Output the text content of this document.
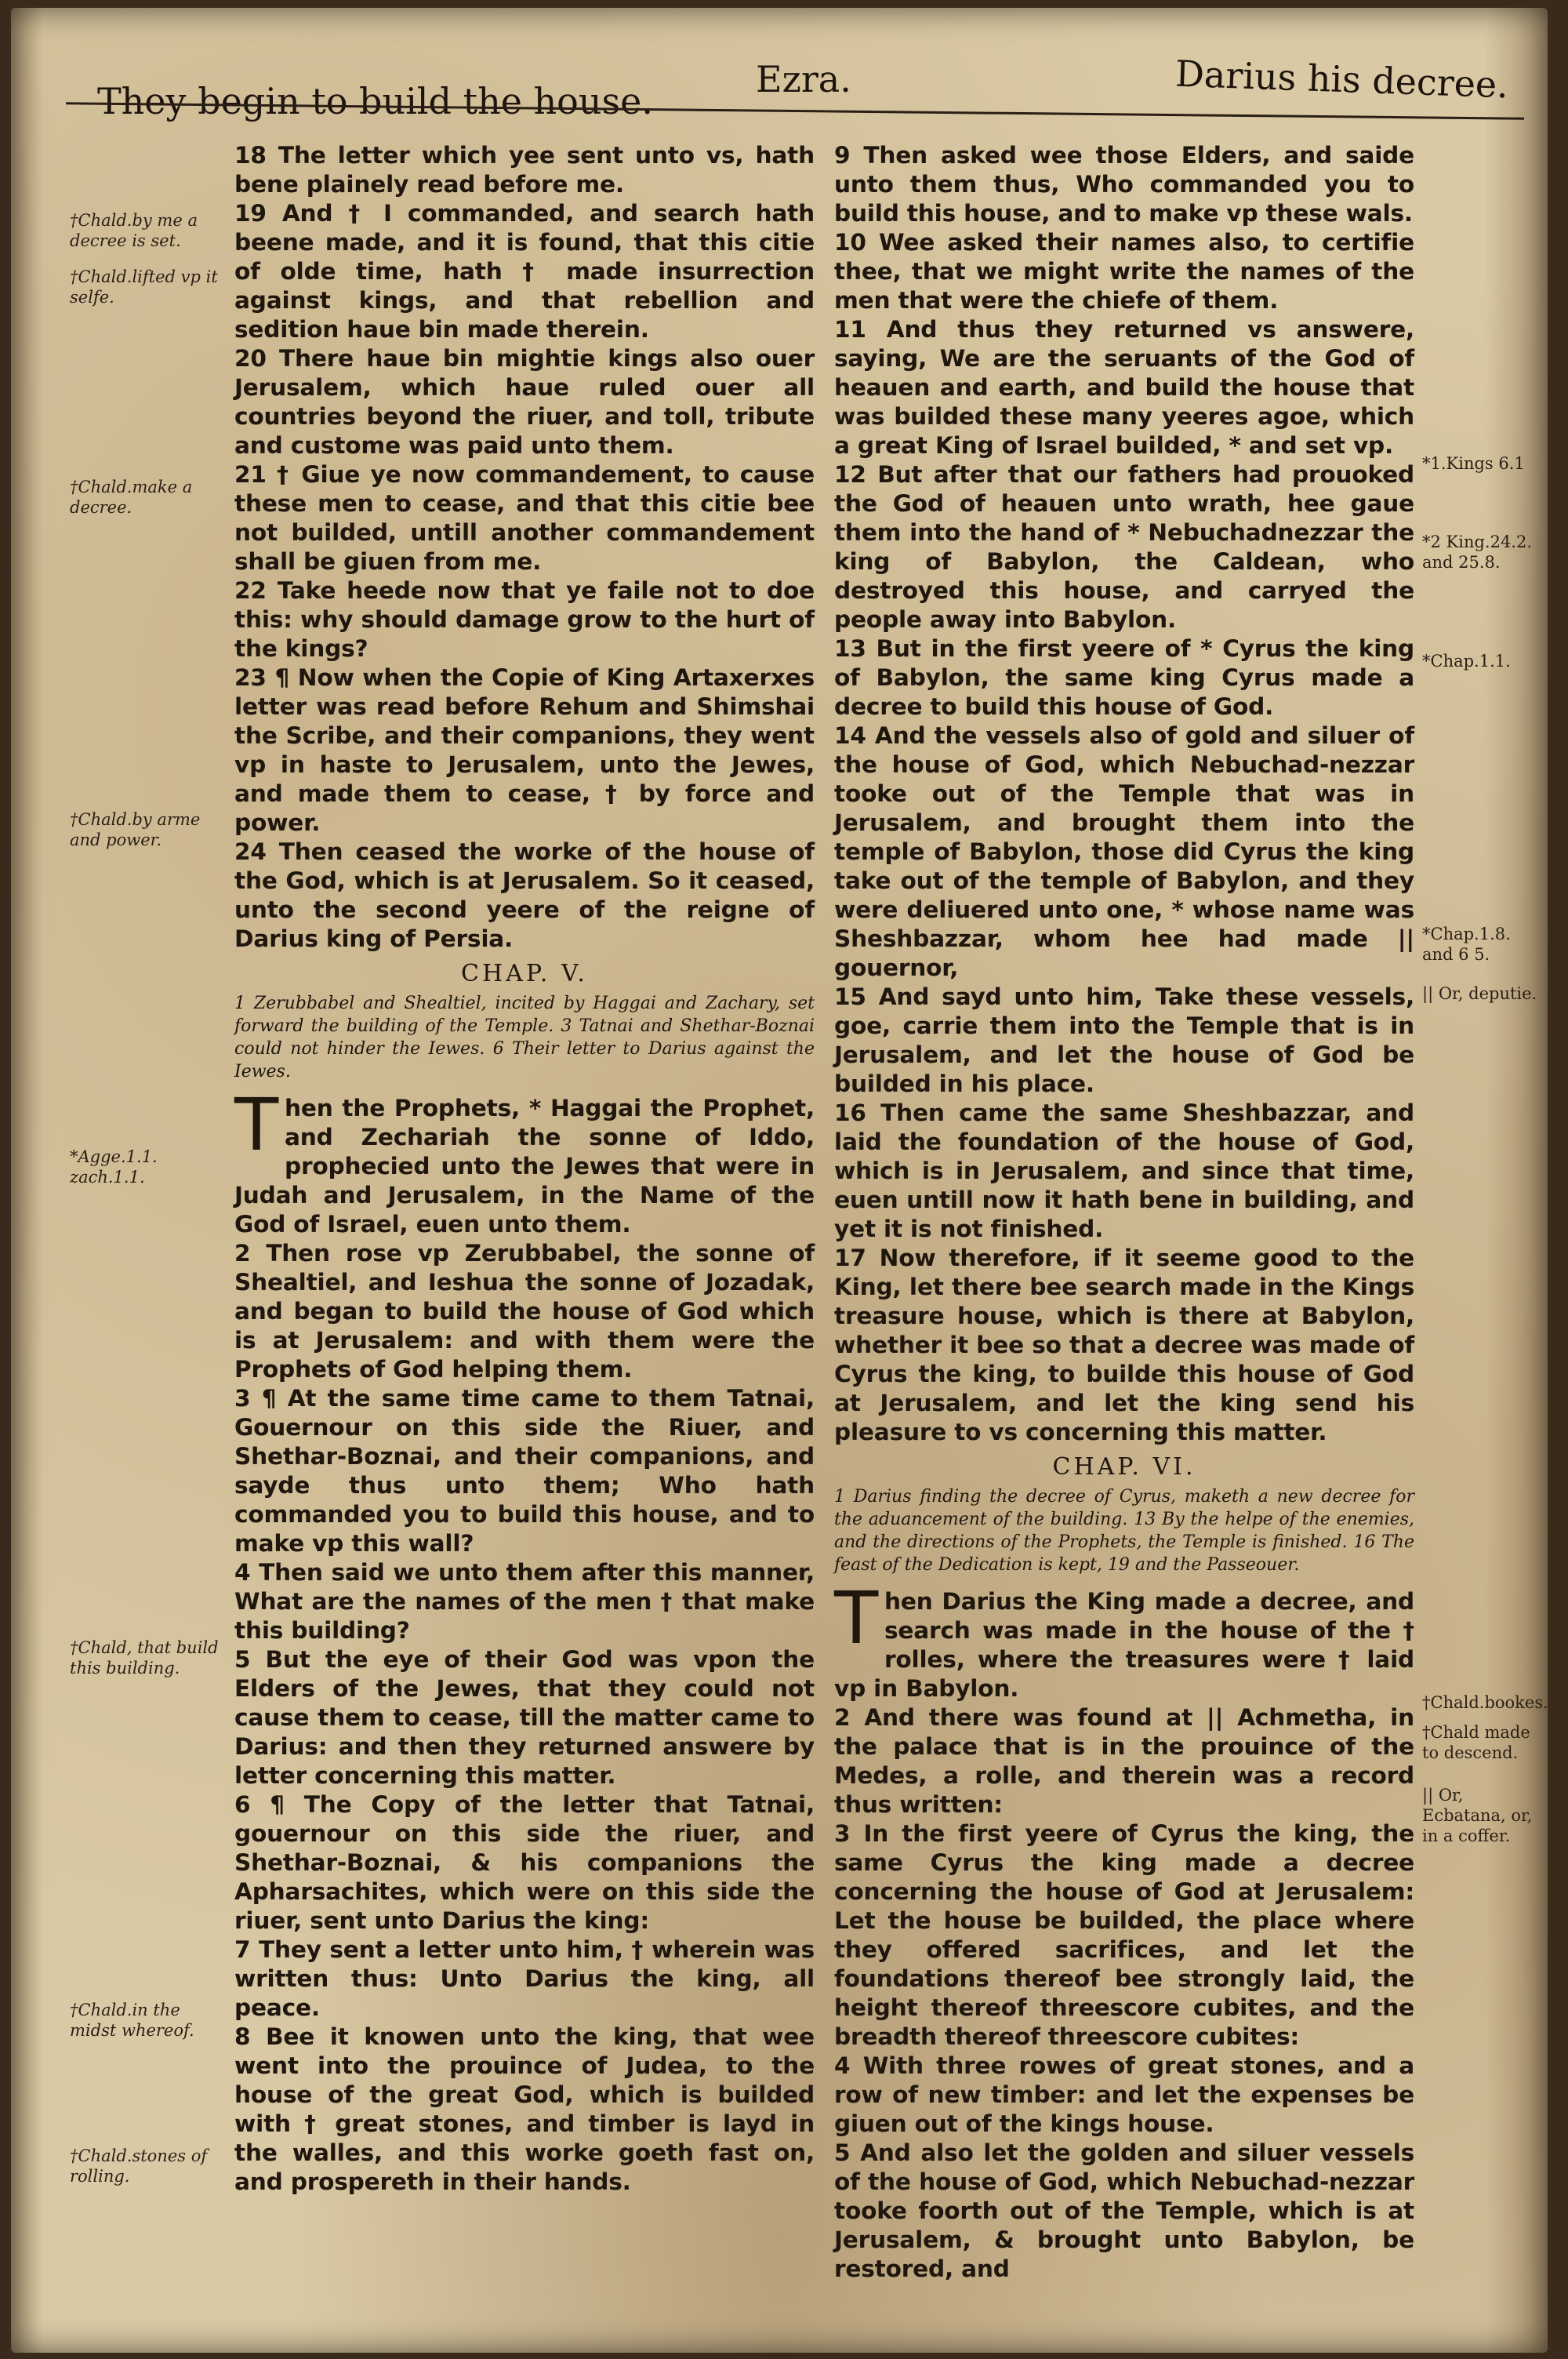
They begin to build the house.
Ezra.	Darius his decree.
†Chald.by me a decree is set.
†Chald.lifted vp it selfe.
†Chald.make a decree.
†Chald.by arme and power.
*Agge.1.1. zach.1.1.
†Chald, that build this building.
†Chald.in the midst whereof.
†Chald.stones of rolling.
*1.Kings 6.1
*2 King.24.2. and 25.8.
*Chap.1.1.
*Chap.1.8. and 6 5.
|| Or, deputie.
†Chald.bookes.
†Chald made to descend.
|| Or, Ecbatana, or, in a coffer.

18 The letter which yee sent unto vs, hath bene plainely read before me.

19 And † I commanded, and search hath beene made, and it is found, that this citie of olde time, hath † made insurrection against kings, and that rebellion and sedition haue bin made therein.

20 There haue bin mightie kings also ouer Jerusalem, which haue ruled ouer all countries beyond the riuer, and toll, tribute and custome was paid unto them.

21 † Giue ye now commandement, to cause these men to cease, and that this citie bee not builded, untill another commandement shall be giuen from me.

22 Take heede now that ye faile not to doe this: why should damage grow to the hurt of the kings?

23 ¶ Now when the Copie of King Artaxerxes letter was read before Rehum and Shimshai the Scribe, and their companions, they went vp in haste to Jerusalem, unto the Jewes, and made them to cease, † by force and power.

24 Then ceased the worke of the house of the God, which is at Jerusalem. So it ceased, unto the second yeere of the reigne of Darius king of Persia.

CHAP. V.

1 Zerubbabel and Shealtiel, incited by Haggai and Zachary, set forward the building of the Temple. 3 Tatnai and Shethar-Boznai could not hinder the Iewes. 6 Their letter to Darius against the Iewes.

Then the Prophets, * Haggai the Prophet, and Zechariah the sonne of Iddo, prophecied unto the Jewes that were in Judah and Jerusalem, in the Name of the God of Israel, euen unto them.

2 Then rose vp Zerubbabel, the sonne of Shealtiel, and Ieshua the sonne of Jozadak, and began to build the house of God which is at Jerusalem: and with them were the Prophets of God helping them.

3 ¶ At the same time came to them Tatnai, Gouernour on this side the Riuer, and Shethar-Boznai, and their companions, and sayde thus unto them; Who hath commanded you to build this house, and to make vp this wall?

4 Then said we unto them after this manner, What are the names of the men † that make this building?

5 But the eye of their God was vpon the Elders of the Jewes, that they could not cause them to cease, till the matter came to Darius: and then they returned answere by letter concerning this matter.

6 ¶ The Copy of the letter that Tatnai, gouernour on this side the riuer, and Shethar-Boznai, & his companions the Apharsachites, which were on this side the riuer, sent unto Darius the king:

7 They sent a letter unto him, † wherein was written thus: Unto Darius the king, all peace.

8 Bee it knowen unto the king, that wee went into the prouince of Judea, to the house of the great God, which is builded with † great stones, and timber is layd in the walles, and this worke goeth fast on, and prospereth in their hands.

9 Then asked wee those Elders, and saide unto them thus, Who commanded you to build this house, and to make vp these wals.

10 Wee asked their names also, to certifie thee, that we might write the names of the men that were the chiefe of them.

11 And thus they returned vs answere, saying, We are the seruants of the God of heauen and earth, and build the house that was builded these many yeeres agoe, which a great King of Israel builded, * and set vp.

12 But after that our fathers had prouoked the God of heauen unto wrath, hee gaue them into the hand of * Nebuchadnezzar the king of Babylon, the Caldean, who destroyed this house, and carryed the people away into Babylon.

13 But in the first yeere of * Cyrus the king of Babylon, the same king Cyrus made a decree to build this house of God.

14 And the vessels also of gold and siluer of the house of God, which Nebuchad-nezzar tooke out of the Temple that was in Jerusalem, and brought them into the temple of Babylon, those did Cyrus the king take out of the temple of Babylon, and they were deliuered unto one, * whose name was Sheshbazzar, whom hee had made || gouernor,

15 And sayd unto him, Take these vessels, goe, carrie them into the Temple that is in Jerusalem, and let the house of God be builded in his place.

16 Then came the same Sheshbazzar, and laid the foundation of the house of God, which is in Jerusalem, and since that time, euen untill now it hath bene in building, and yet it is not finished.

17 Now therefore, if it seeme good to the King, let there bee search made in the Kings treasure house, which is there at Babylon, whether it bee so that a decree was made of Cyrus the king, to builde this house of God at Jerusalem, and let the king send his pleasure to vs concerning this matter.

CHAP. VI.

1 Darius finding the decree of Cyrus, maketh a new decree for the aduancement of the building. 13 By the helpe of the enemies, and the directions of the Prophets, the Temple is finished. 16 The feast of the Dedication is kept, 19 and the Passeouer.

Then Darius the King made a decree, and search was made in the house of the † rolles, where the treasures were † laid vp in Babylon.

2 And there was found at || Achmetha, in the palace that is in the prouince of the Medes, a rolle, and therein was a record thus written:

3 In the first yeere of Cyrus the king, the same Cyrus the king made a decree concerning the house of God at Jerusalem: Let the house be builded, the place where they offered sacrifices, and let the foundations thereof bee strongly laid, the height thereof threescore cubites, and the breadth thereof threescore cubites:

4 With three rowes of great stones, and a row of new timber: and let the expenses be giuen out of the kings house.

5 And also let the golden and siluer vessels of the house of God, which Nebuchad-nezzar tooke foorth out of the Temple, which is at Jerusalem, & brought unto Babylon, be restored, and
